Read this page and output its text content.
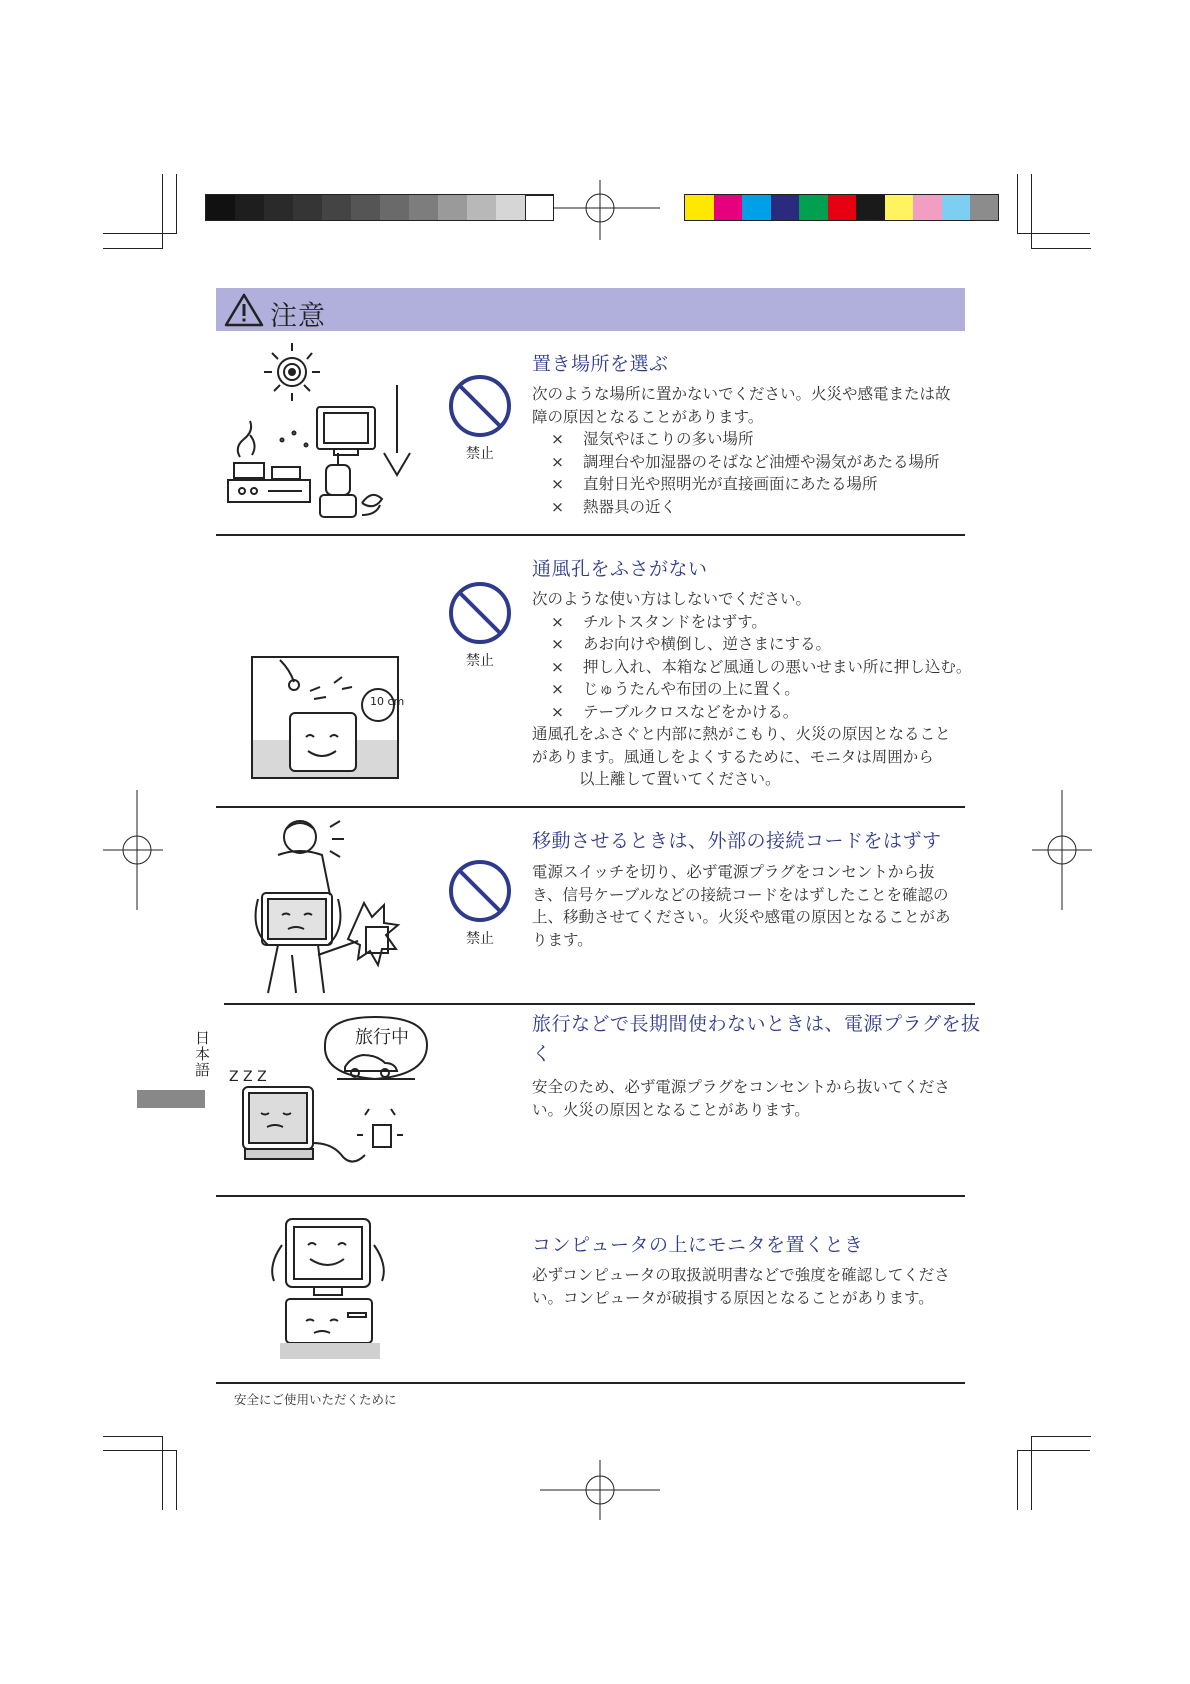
注意
禁止
置き場所を選ぶ
次のような場所に置かないでください。火災や感電または故
障の原因となることがあります。
× 湿気やほこりの多い場所
× 調理台や加湿器のそばなど油煙や湯気があたる場所
× 直射日光や照明光が直接画面にあたる場所
× 熱器具の近く
10 cm
禁止
通風孔をふさがない
次のような使い方はしないでください。
× チルトスタンドをはずす。
× あお向けや横倒し、逆さまにする。
× 押し入れ、本箱など風通しの悪いせまい所に押し込む。
× じゅうたんや布団の上に置く。
× テーブルクロスなどをかける。
通風孔をふさぐと内部に熱がこもり、火災の原因となること
があります。風通しをよくするために、モニタは周囲から
以上離して置いてください。
禁止
移動させるときは、外部の接続コードをはずす
電源スイッチを切り、必ず電源プラグをコンセントから抜
き、信号ケーブルなどの接続コードをはずしたことを確認の
上、移動させてください。火災や感電の原因となることがあ
ります。
旅行中
Z Z Z
旅行などで長期間使わないときは、電源プラグを抜
く
安全のため、必ず電源プラグをコンセントから抜いてくださ
い。火災の原因となることがあります。
コンピュータの上にモニタを置くとき
必ずコンピュータの取扱説明書などで強度を確認してくださ
い。コンピュータが破損する原因となることがあります。
日本語
安全にご使用いただくために
